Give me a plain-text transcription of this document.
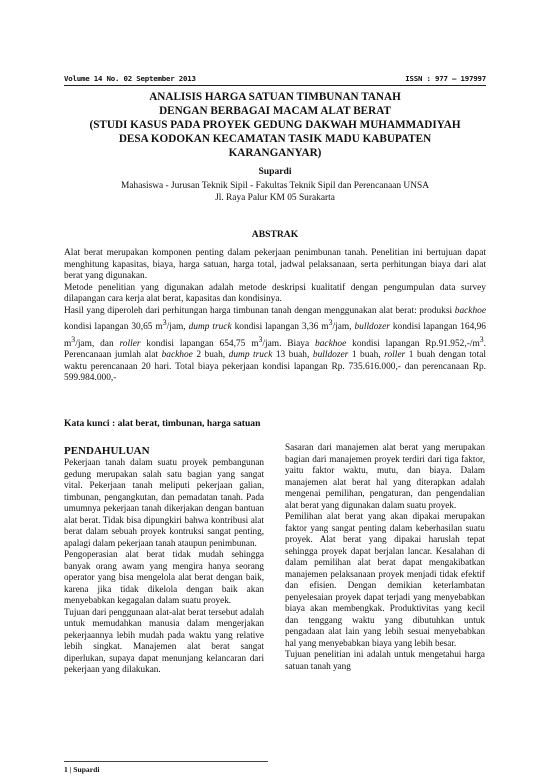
Volume 14 No. 02 September 2013	ISSN : 977 – 197997
ANALISIS HARGA SATUAN TIMBUNAN TANAH
DENGAN BERBAGAI MACAM ALAT BERAT
(STUDI KASUS PADA PROYEK GEDUNG DAKWAH MUHAMMADIYAH
DESA KODOKAN KECAMATAN TASIK MADU KABUPATEN
KARANGANYAR)
Supardi
Mahasiswa - Jurusan Teknik Sipil - Fakultas Teknik Sipil dan Perencanaan UNSA
Jl. Raya Palur KM 05 Surakarta
ABSTRAK

Alat berat merupakan komponen penting dalam pekerjaan penimbunan tanah. Penelitian ini bertujuan dapat menghitung kapasitas, biaya, harga satuan, harga total, jadwal pelaksanaan, serta perhitungan biaya dari alat berat yang digunakan.

Metode penelitian yang digunakan adalah metode deskripsi kualitatif dengan pengumpulan data survey dilapangan cara kerja alat berat, kapasitas dan kondisinya.

Hasil yang diperoleh dari perhitungan harga timbunan tanah dengan menggunakan alat berat: produksi backhoe kondisi lapangan 30,65 $m^3$/jam, dump truck kondisi lapangan 3,36 $m^3$/jam, bulldozer kondisi lapangan 164,96 $m^3$/jam, dan roller kondisi lapangan 654,75 $m^3$/jam. Biaya backhoe kondisi lapangan $Rp.91.952,-/m^3$. Perencanaan jumlah alat backhoe 2 buah, dump truck 13 buah, bulldozer 1 buah, roller 1 buah dengan total waktu perencanaan 20 hari. Total biaya pekerjaan kondisi lapangan Rp. 735.616.000,- dan perencanaan Rp. 599.984.000,-

Kata kunci : alat berat, timbunan, harga satuan
PENDAHULUAN

Pekerjaan tanah dalam suatu proyek pembangunan gedung merupakan salah satu bagian yang sangat vital. Pekerjaan tanah meliputi pekerjaan galian, timbunan, pengangkutan, dan pemadatan tanah. Pada umumnya pekerjaan tanah dikerjakan dengan bantuan alat berat. Tidak bisa dipungkiri bahwa kontribusi alat berat dalam sebuah proyek kontruksi sangat penting, apalagi dalam pekerjaan tanah ataupun penimbunan.

Pengoperasian alat berat tidak mudah sehingga banyak orang awam yang mengira hanya seorang operator yang bisa mengelola alat berat dengan baik, karena jika tidak dikelola dengan baik akan menyebabkan kegagalan dalam suatu proyek.

Tujuan dari penggunaan alat-alat berat tersebut adalah untuk memudahkan manusia dalam mengerjakan pekerjaannya lebih mudah pada waktu yang relative lebih singkat. Manajemen alat berat sangat diperlukan, supaya dapat menunjang kelancaran dari pekerjaan yang dilakukan.

Sasaran dari manajemen alat berat yang merupakan bagian dari manajemen proyek terdiri dari tiga faktor, yaitu faktor waktu, mutu, dan biaya. Dalam manajemen alat berat hal yang diterapkan adalah mengenai pemilihan, pengaturan, dan pengendalian alat berat yang digunakan dalam suatu proyek.

Pemilihan alat berat yang akan dipakai merupakan faktor yang sangat penting dalam keberhasilan suatu proyek. Alat berat yang dipakai haruslah tepat sehingga proyek dapat berjalan lancar. Kesalahan di dalam pemilihan alat berat dapat mengakibatkan manajemen pelaksanaan proyek menjadi tidak efektif dan efisien. Dengan demikian keterlambatan penyelesaian proyek dapat terjadi yang menyebabkan biaya akan membengkak. Produktivitas yang kecil dan tenggang waktu yang dibutuhkan untuk pengadaan alat lain yang lebih sesuai menyebabkan hal yang menyebabkan biaya yang lebih besar.

Tujuan penelitian ini adalah untuk mengetahui harga satuan tanah yang

1 | Supardi
